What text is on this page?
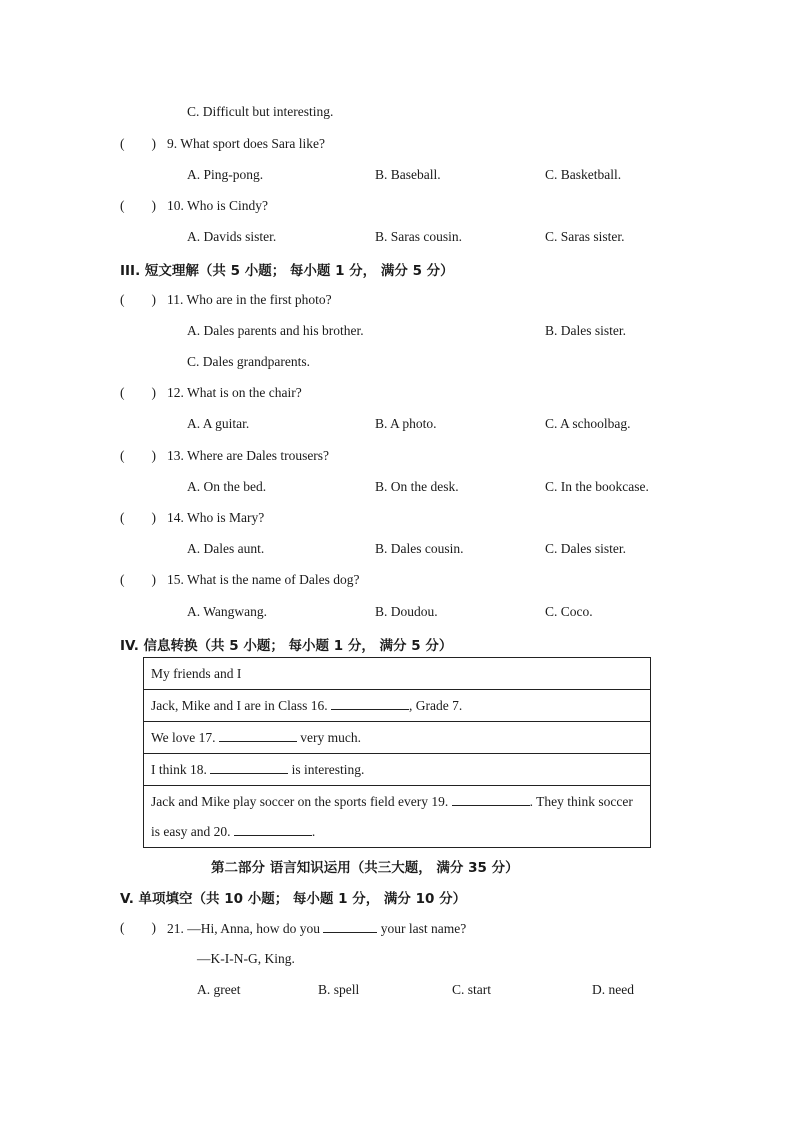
C. Difficult but interesting.
(        ) 9. What sport does Sara like?
A. Ping-pong.	B. Baseball.	C. Basketball.
(        ) 10. Who is Cindy?
A. Davids sister.	B. Saras cousin.	C. Saras sister.
III. 短文理解（共 5 小题； 每小题 1 分， 满分 5 分）
(        ) 11. Who are in the first photo?
A. Dales parents and his brother.	B. Dales sister.
C. Dales grandparents.
(        ) 12. What is on the chair?
A. A guitar.	B. A photo.	C. A schoolbag.
(        ) 13. Where are Dales trousers?
A. On the bed.	B. On the desk.	C. In the bookcase.
(        ) 14. Who is Mary?
A. Dales aunt.	B. Dales cousin.	C. Dales sister.
(        ) 15. What is the name of Dales dog?
A. Wangwang.	B. Doudou.	C. Coco.
IV. 信息转换（共 5 小题； 每小题 1 分， 满分 5 分）
My friends and I
Jack, Mike and I are in Class 16.	, Grade 7.
We love 17.	very much.
I think 18.	is interesting.
Jack and Mike play soccer on the sports field every 19.	. They think soccer is easy and 20.	.
第二部分 语言知识运用（共三大题， 满分 35 分）
V. 单项填空（共 10 小题； 每小题 1 分， 满分 10 分）
(        ) 21. —Hi, Anna, how do you	your last name?
—K-I-N-G, King.
A. greet	B. spell	C. start	D. need
